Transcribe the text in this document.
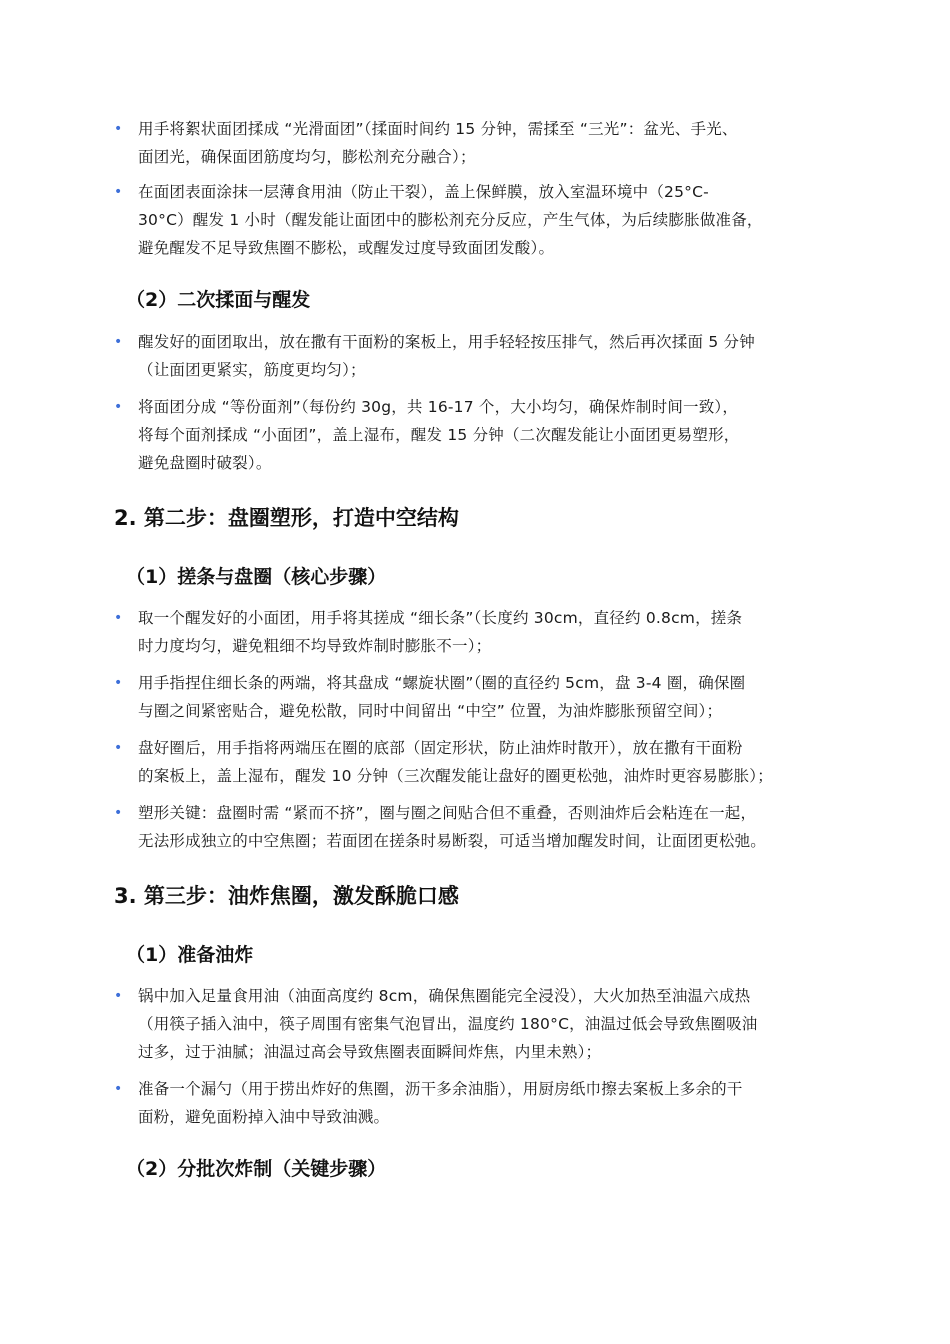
• 用手将絮状面团揉成 “光滑面团”（揉面时间约 15 分钟，需揉至 “三光”：盆光、手光、
面团光，确保面团筋度均匀，膨松剂充分融合）；
• 在面团表面涂抹一层薄食用油（防止干裂），盖上保鲜膜，放入室温环境中（25°C-
30°C）醒发 1 小时（醒发能让面团中的膨松剂充分反应，产生气体，为后续膨胀做准备，
避免醒发不足导致焦圈不膨松，或醒发过度导致面团发酸）。
（2）二次揉面与醒发
• 醒发好的面团取出，放在撒有干面粉的案板上，用手轻轻按压排气，然后再次揉面 5 分钟
（让面团更紧实，筋度更均匀）；
• 将面团分成 “等份面剂”（每份约 30g，共 16-17 个，大小均匀，确保炸制时间一致），
将每个面剂揉成 “小面团”，盖上湿布，醒发 15 分钟（二次醒发能让小面团更易塑形，
避免盘圈时破裂）。
2. 第二步：盘圈塑形，打造中空结构
（1）搓条与盘圈（核心步骤）
• 取一个醒发好的小面团，用手将其搓成 “细长条”（长度约 30cm，直径约 0.8cm，搓条
时力度均匀，避免粗细不均导致炸制时膨胀不一）；
• 用手指捏住细长条的两端，将其盘成 “螺旋状圈”（圈的直径约 5cm，盘 3-4 圈，确保圈
与圈之间紧密贴合，避免松散，同时中间留出 “中空” 位置，为油炸膨胀预留空间）；
• 盘好圈后，用手指将两端压在圈的底部（固定形状，防止油炸时散开），放在撒有干面粉
的案板上，盖上湿布，醒发 10 分钟（三次醒发能让盘好的圈更松弛，油炸时更容易膨胀）；
• 塑形关键：盘圈时需 “紧而不挤”，圈与圈之间贴合但不重叠，否则油炸后会粘连在一起，
无法形成独立的中空焦圈；若面团在搓条时易断裂，可适当增加醒发时间，让面团更松弛。
3. 第三步：油炸焦圈，激发酥脆口感
（1）准备油炸
• 锅中加入足量食用油（油面高度约 8cm，确保焦圈能完全浸没），大火加热至油温六成热
（用筷子插入油中，筷子周围有密集气泡冒出，温度约 180°C，油温过低会导致焦圈吸油
过多，过于油腻；油温过高会导致焦圈表面瞬间炸焦，内里未熟）；
• 准备一个漏勺（用于捞出炸好的焦圈，沥干多余油脂），用厨房纸巾擦去案板上多余的干
面粉，避免面粉掉入油中导致油溅。
（2）分批次炸制（关键步骤）
